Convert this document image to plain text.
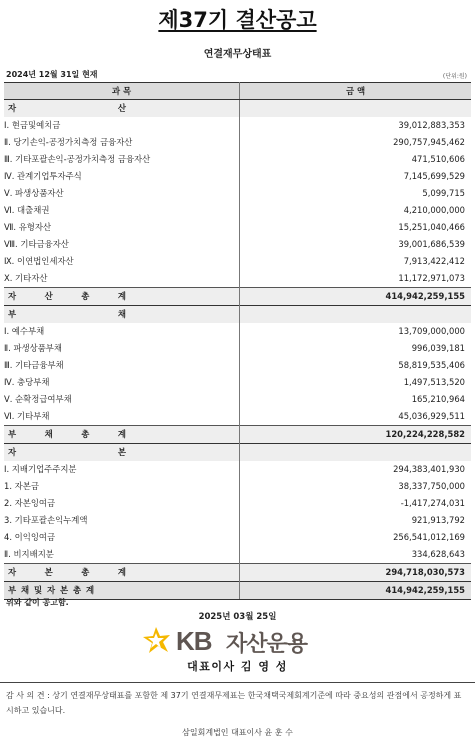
제37기 결산공고
연결재무상태표
2024년 12월 31일 현재	(단위:원)
과 목	금 액

자 산	

Ⅰ. 현금및예치금	39,012,883,353
Ⅱ. 당기손익-공정가치측정 금융자산	290,757,945,462
Ⅲ. 기타포괄손익-공정가치측정 금융자산	471,510,606
Ⅳ. 관계기업투자주식	7,145,699,529
Ⅴ. 파생상품자산	5,099,715
Ⅵ. 대출채권	4,210,000,000
Ⅶ. 유형자산	15,251,040,466
Ⅷ. 기타금융자산	39,001,686,539
Ⅸ. 이연법인세자산	7,913,422,412
Ⅹ. 기타자산	11,172,971,073

자 산 총 계	414,942,259,155

부 채	

Ⅰ. 예수부채	13,709,000,000
Ⅱ. 파생상품부채	996,039,181
Ⅲ. 기타금융부채	58,819,535,406
Ⅳ. 충당부채	1,497,513,520
Ⅴ. 순확정급여부채	165,210,964
Ⅵ. 기타부채	45,036,929,511

부 채 총 계	120,224,228,582

자 본	

Ⅰ. 지배기업주주지분	294,383,401,930
1. 자본금	38,337,750,000
2. 자본잉여금	-1,417,274,031
3. 기타포괄손익누계액	921,913,792
4. 이익잉여금	256,541,012,169
Ⅱ. 비지배지분	334,628,643

자 본 총 계	294,718,030,573
부 채 및 자 본 총 계	414,942,259,155
위와 같이 공고함.
2025년 03월 25일
KB 자산운용
대표이사 김 영 성
감 사 의 견 : 상기 연결재무상태표를 포함한 제 37기 연결재무제표는 한국채택국제회계기준에 따라 중요성의 관점에서 공정하게 표시하고 있습니다.
삼일회계법인 대표이사 윤 훈 수
